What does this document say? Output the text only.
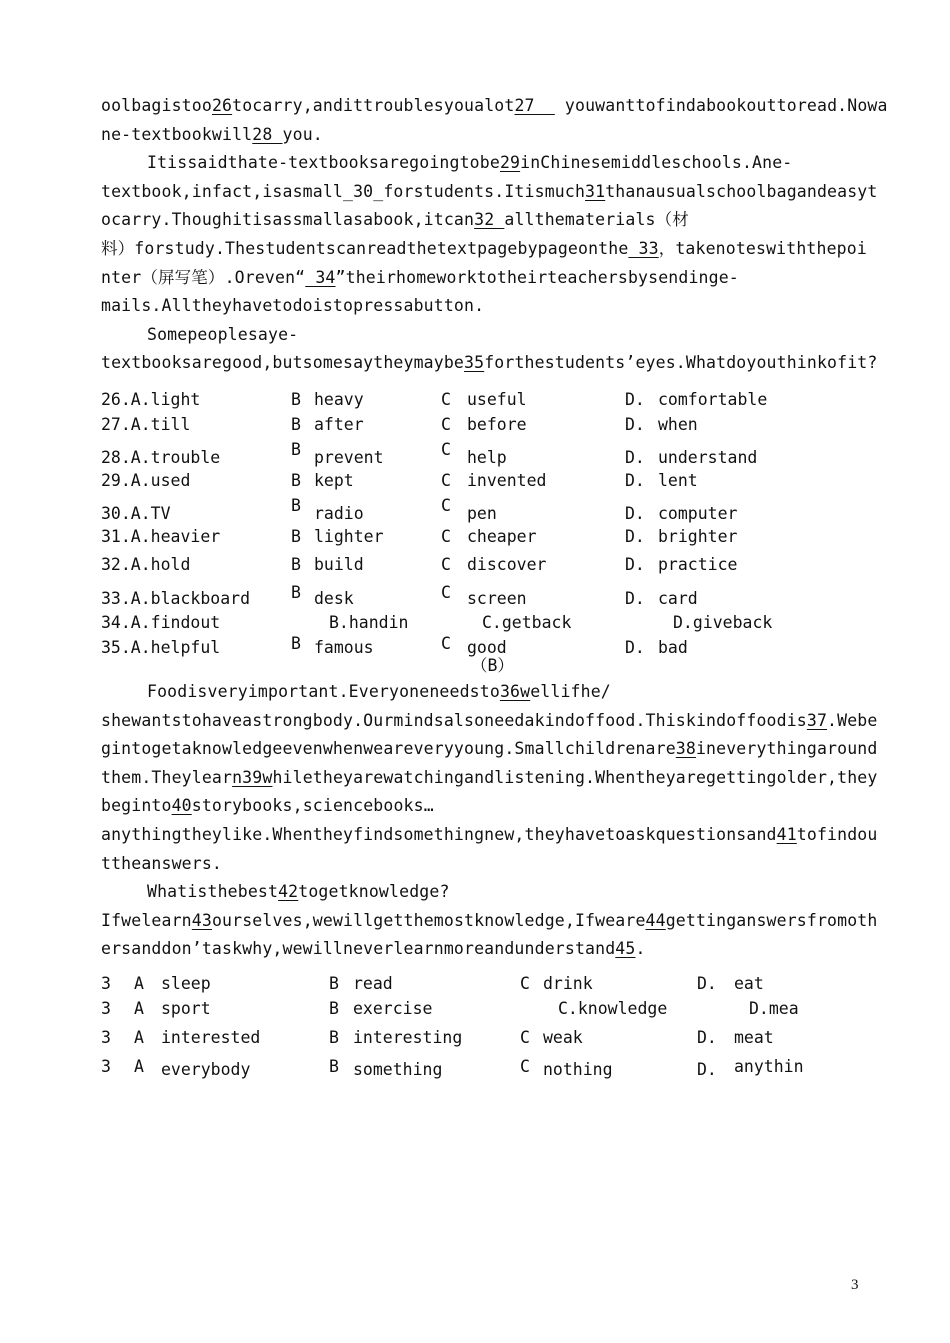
oolbagistoo26tocarry,andittroublesyoualot27   youwanttofindabookouttoread.Nowa
ne-textbookwill28 you.
Itissaidthate-textbooksaregoingtobe29inChinesemiddleschools.Ane-
textbook,infact,isasmall_30_forstudents.Itismuch31thanausualschoolbagandeasyt
ocarry.Thoughitisassmallasabook,itcan32 allthematerials（材
料）forstudy.Thestudentscanreadthetextpagebypageonthe 33，takenoteswiththepoi
nter（屏写笔）.Oreven“ 34”theirhomeworktotheirteachersbysendinge-
mails.Alltheyhavetodoistopressabutton.
Somepeoplesaye-
textbooksaregood,butsomesaytheymaybe35forthestudents’eyes.Whatdoyouthinkofit?
26.A.light	B heavy	C useful	D. comfortable
27.A.till	B after	C before	D. when
28.A.trouble	B prevent	C help	D. understand
29.A.used	B kept	C invented	D. lent
30.A.TV	B radio	C pen	D. computer
31.A.heavier	B lighter	C cheaper	D. brighter
32.A.hold	B build	C discover	D. practice
33.A.blackboard B desk	C screen	D. card
34.A.findout	B.handin	C.getback	D.giveback
35.A.helpful	B famous	C good	D. bad
（B）
Foodisveryimportant.Everyoneneedsto36wellifhe/
shewantstohaveastrongbody.Ourmindsalsoneedakindoffood.Thiskindoffoodis37.Webe
gintogetaknowledgeevenwhenweareveryyoung.Smallchildrenare38ineverythingaround
them.Theylearn39whiletheyarewatchingandlistening.Whentheyaregettingolder,they
beginto40storybooks,sciencebooks…
anythingtheylike.Whentheyfindsomethingnew,theyhavetoaskquestionsand41tofindou
ttheanswers.
Whatisthebest42togetknowledge?
Ifwelearn43ourselves,wewillgetthemostknowledge,Ifweare44gettinganswersfromoth
ersanddon’taskwhy,wewillneverlearnmoreandunderstand45.
3 A sleep	B read	C drink	D. eat
3 A sport	B exercise	C.knowledge	D.mea
3 A interested	B interesting	C weak	D. meat
3 A everybody	B something	C nothing	D. anythin
3
